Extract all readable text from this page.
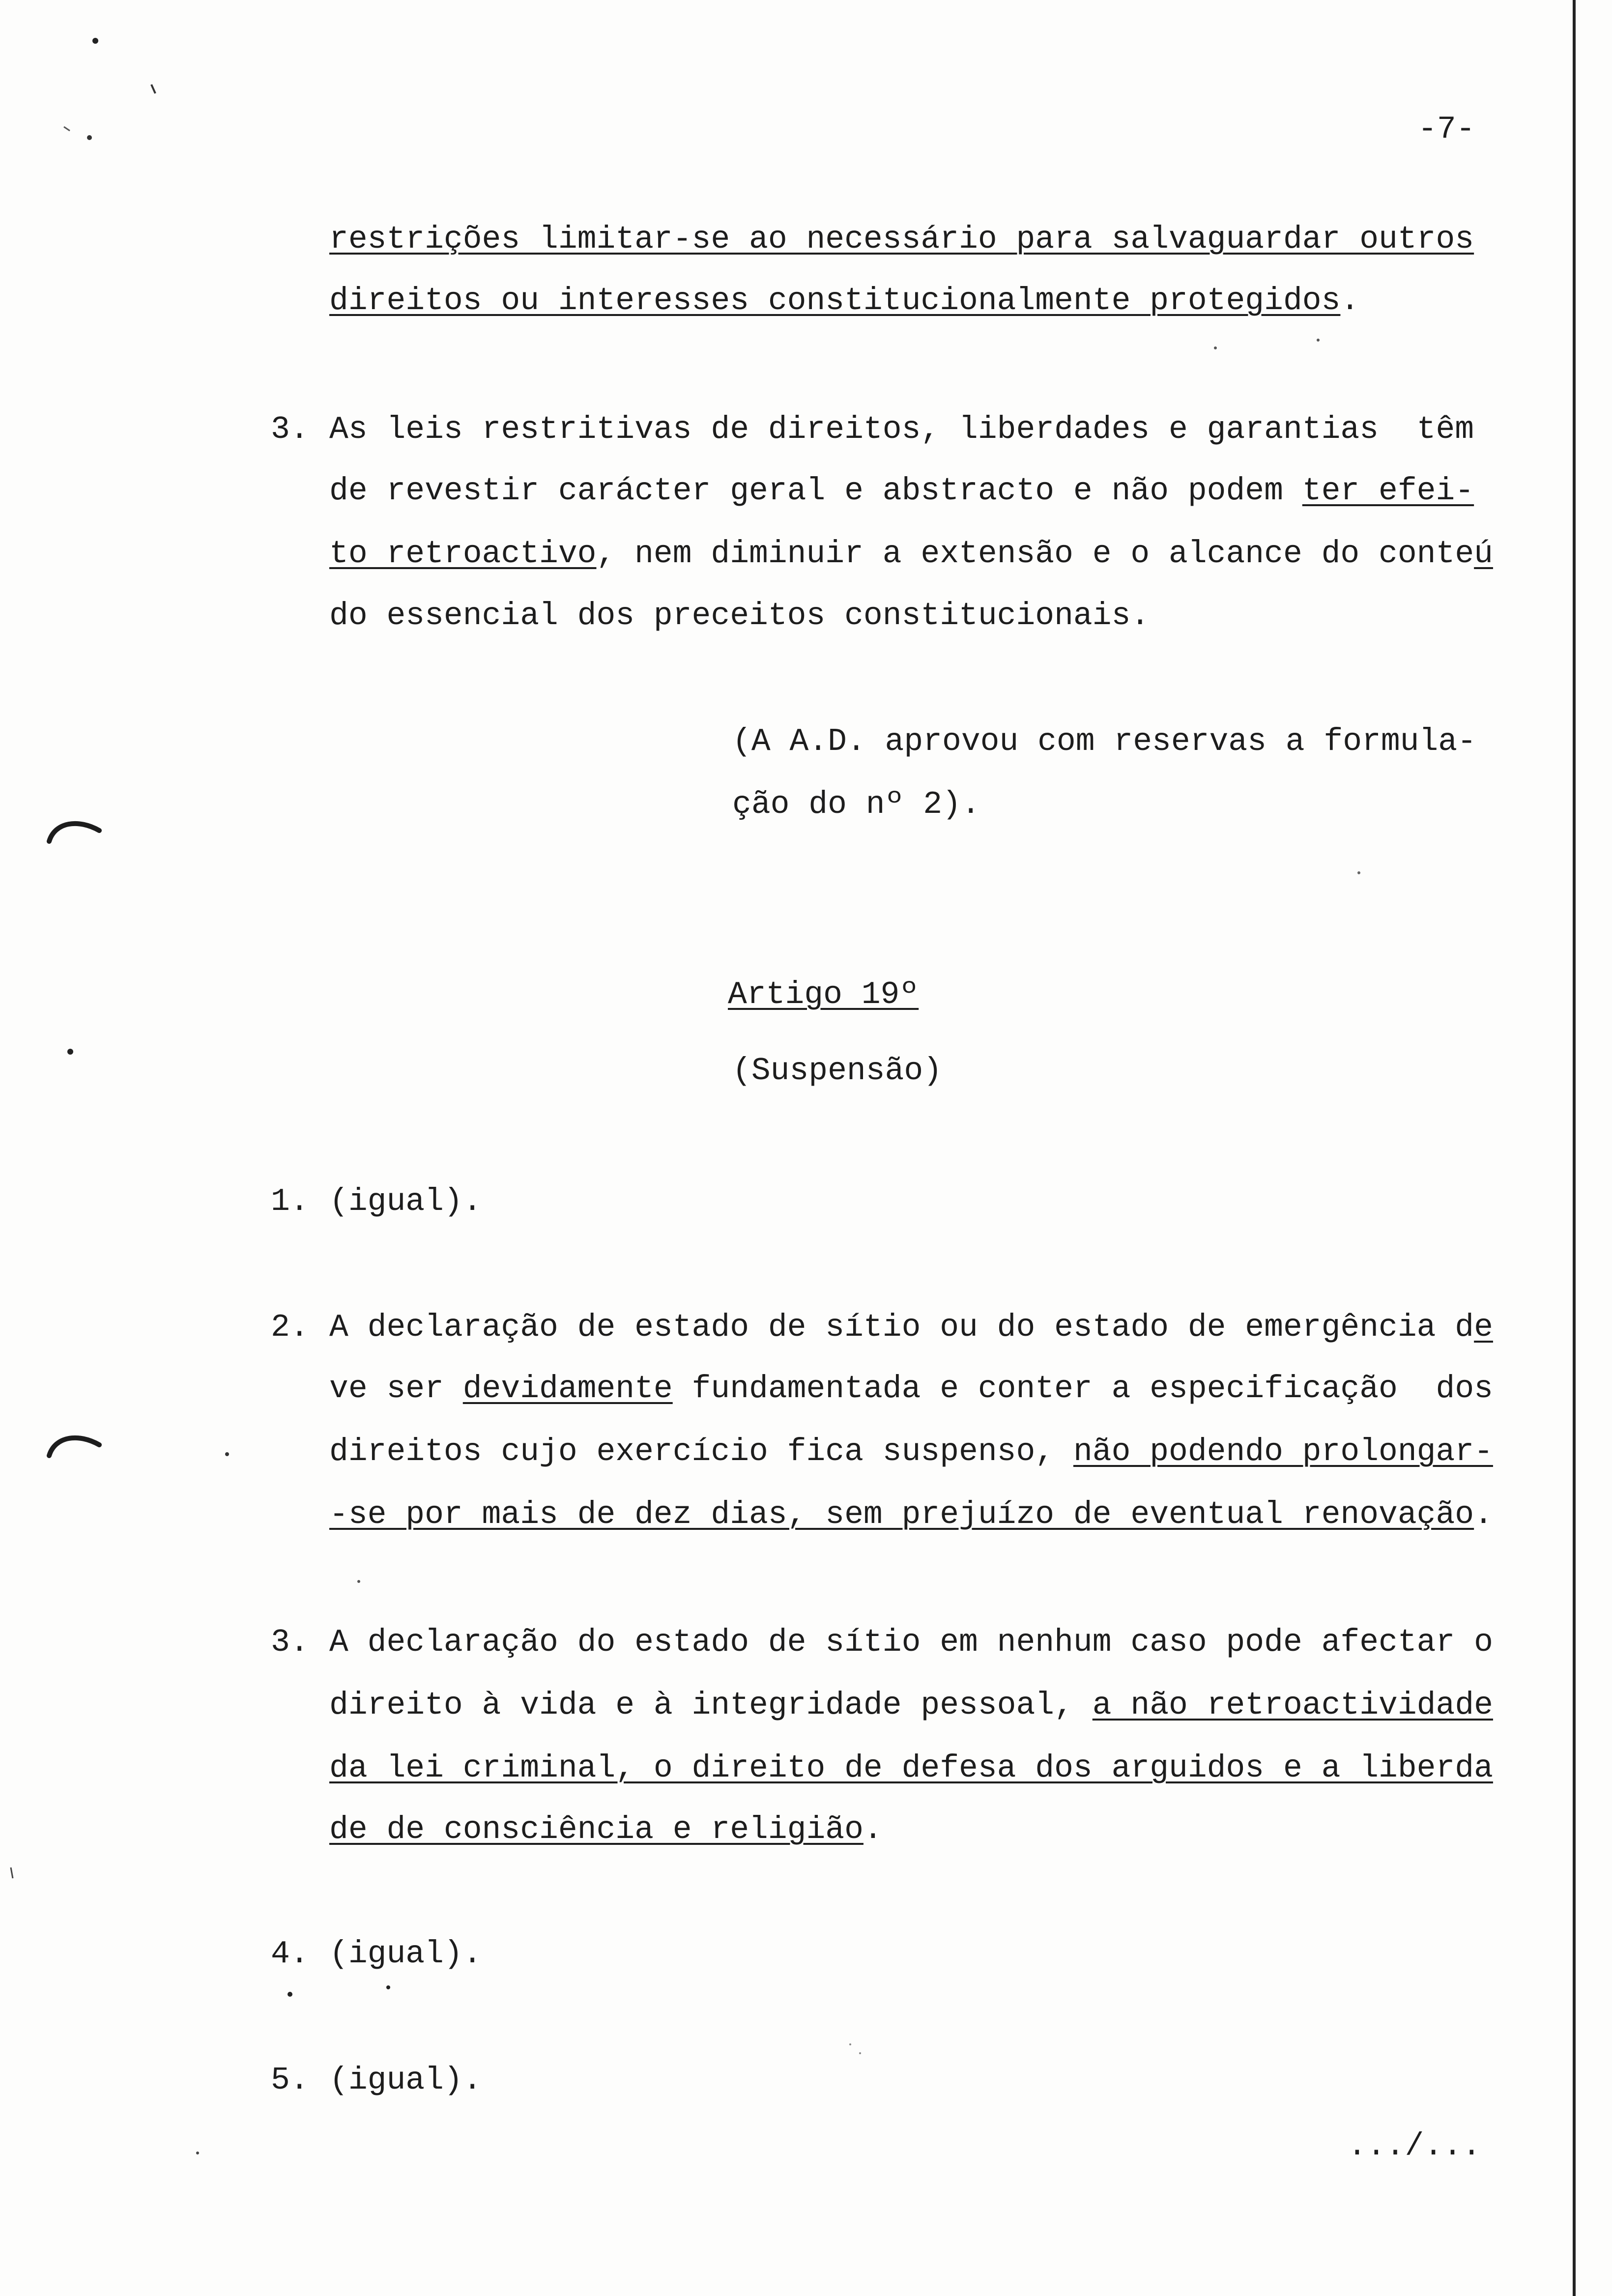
-7-
restrições limitar-se ao necessário para salvaguardar outros
direitos ou interesses constitucionalmente protegidos .
3. As leis restritivas de direitos, liberdades e garantias  têm
de revestir carácter geral e abstracto e não podem ter efei-
to retroactivo , nem diminuir a extensão e o alcance do conte ú
do essencial dos preceitos constitucionais.
(A A.D. aprovou com reservas a formula-
ção do nº 2).
Artigo 19º
(Suspensão)
1. (igual).
2. A declaração de estado de sítio ou do estado de emergência d e
ve ser devidamente fundamentada e conter a especificação  dos
direitos cujo exercício fica suspenso, não podendo prolongar-
-se por mais de dez dias, sem prejuízo de eventual renovação .
3. A declaração do estado de sítio em nenhum caso pode afectar o
direito à vida e à integridade pessoal, a não retroactividade
da lei criminal, o direito de defesa dos arguidos e a liberda
de de consciência e religião .
4. (igual).
5. (igual).
.../...
